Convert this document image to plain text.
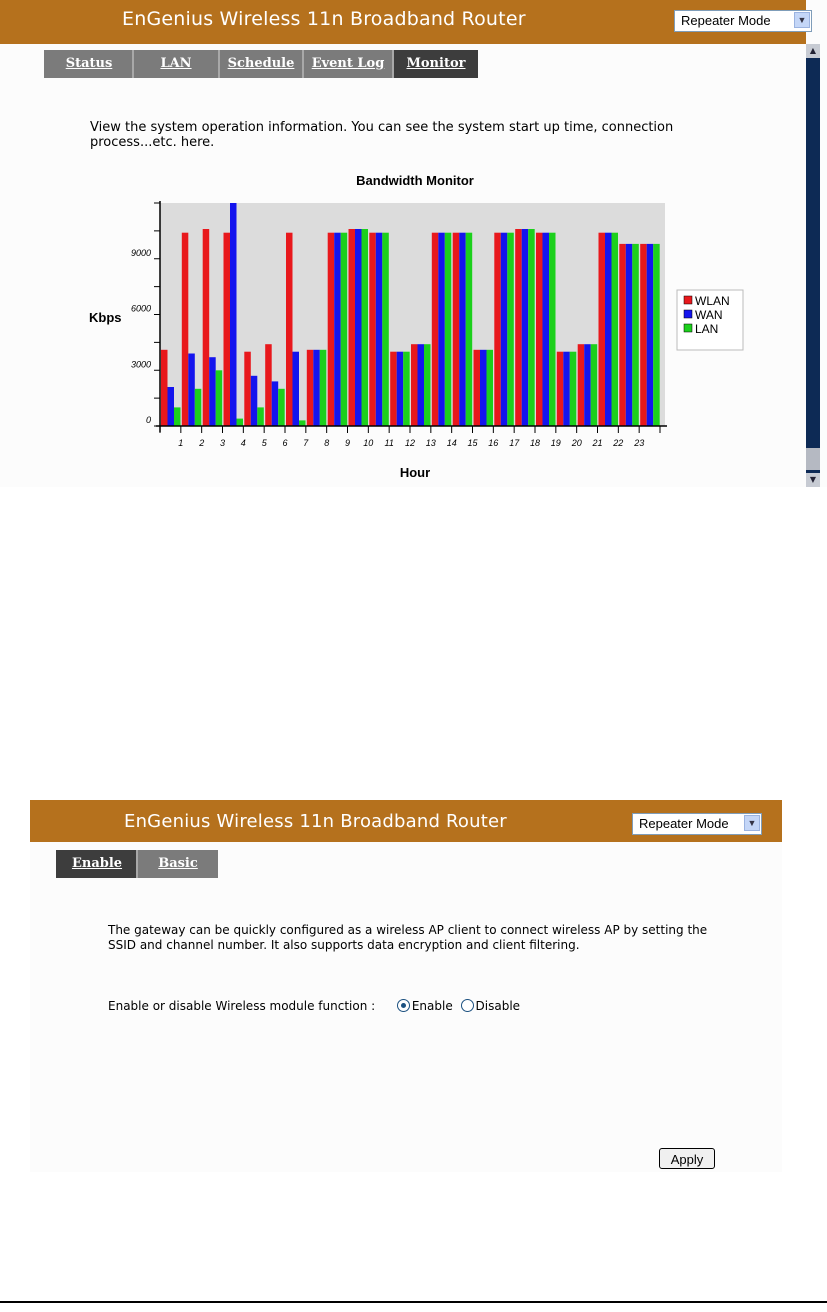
EnGenius Wireless 11n Broadband Router	Repeater Mode	▼
Status	LAN	Schedule	Event Log	Monitor
▲
▼
View the system operation information. You can see the system start up time, connection process...etc. here.
0
3000
6000
9000
1 2 3 4 5 6 7 8 9 10 11 12 13 14 15 16 17 18 19 20 21 22 23
Bandwidth Monitor
Hour
Kbps
WLAN
WAN
LAN
EnGenius Wireless 11n Broadband Router	Repeater Mode	▼
Enable	Basic
The gateway can be quickly configured as a wireless AP client to connect wireless AP by setting the SSID and channel number. It also supports data encryption and client filtering.
Enable or disable Wireless module function :	Enable Disable
Apply
